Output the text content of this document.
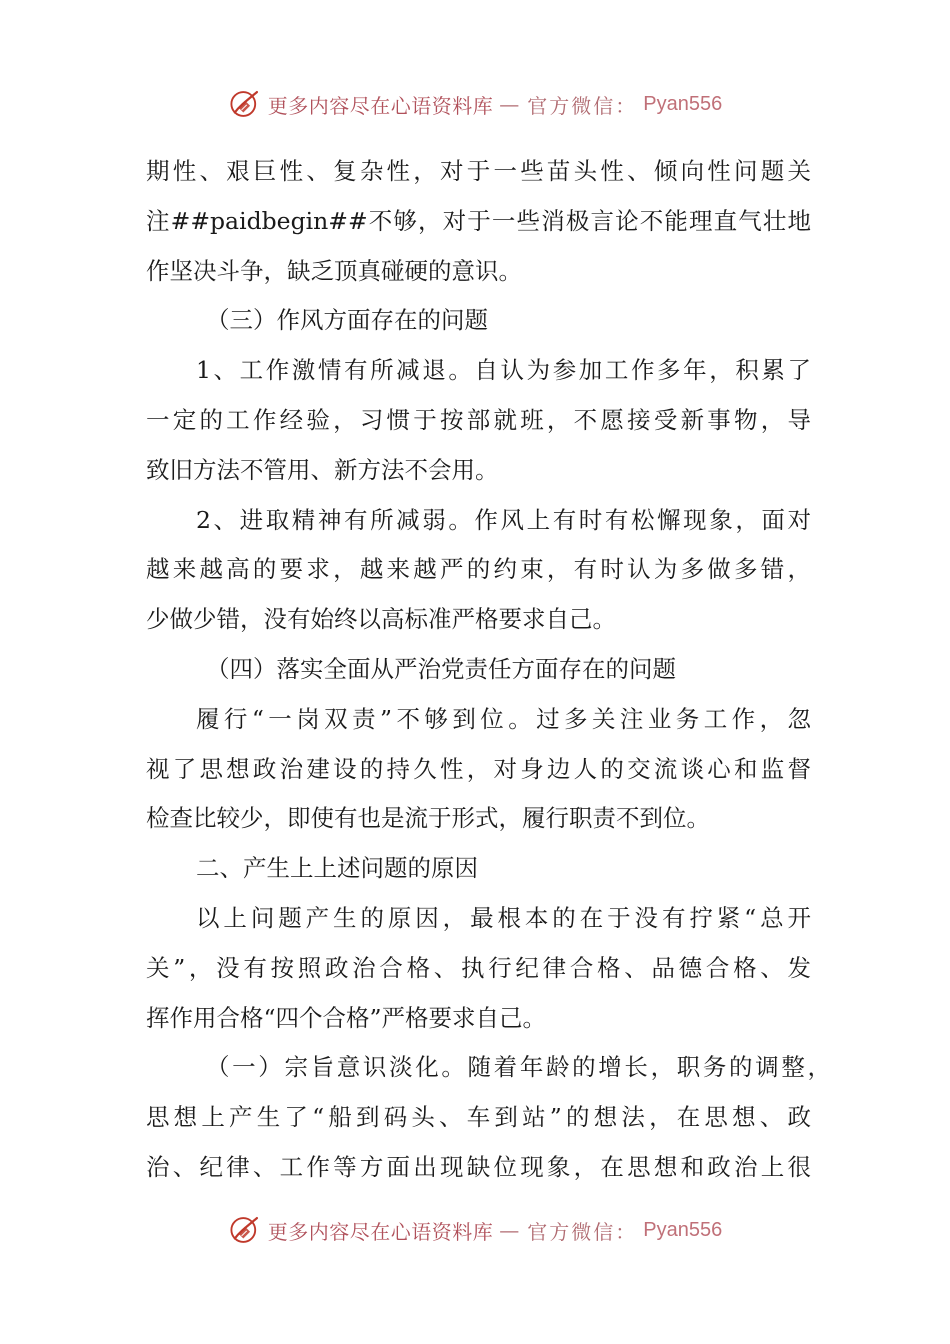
更多内容尽在心语资料库 — 官方微信： Pyan556
期性、艰巨性、复杂性，对于一些苗头性、倾向性问题关
注##paidbegin##不够，对于一些消极言论不能理直气壮地
作坚决斗争，缺乏顶真碰硬的意识。
（三）作风方面存在的问题
1、工作激情有所减退。自认为参加工作多年，积累了
一定的工作经验，习惯于按部就班，不愿接受新事物，导
致旧方法不管用、新方法不会用。
2、进取精神有所减弱。作风上有时有松懈现象，面对
越来越高的要求，越来越严的约束，有时认为多做多错，
少做少错，没有始终以高标准严格要求自己。
（四）落实全面从严治党责任方面存在的问题
履行“一岗双责”不够到位。过多关注业务工作，忽
视了思想政治建设的持久性，对身边人的交流谈心和监督
检查比较少，即使有也是流于形式，履行职责不到位。
二、产生上上述问题的原因
以上问题产生的原因，最根本的在于没有拧紧“总开
关”，没有按照政治合格、执行纪律合格、品德合格、发
挥作用合格“四个合格”严格要求自己。
（一）宗旨意识淡化。随着年龄的增长，职务的调整，
思想上产生了“船到码头、车到站”的想法，在思想、政
治、纪律、工作等方面出现缺位现象，在思想和政治上很
更多内容尽在心语资料库 — 官方微信： Pyan556
